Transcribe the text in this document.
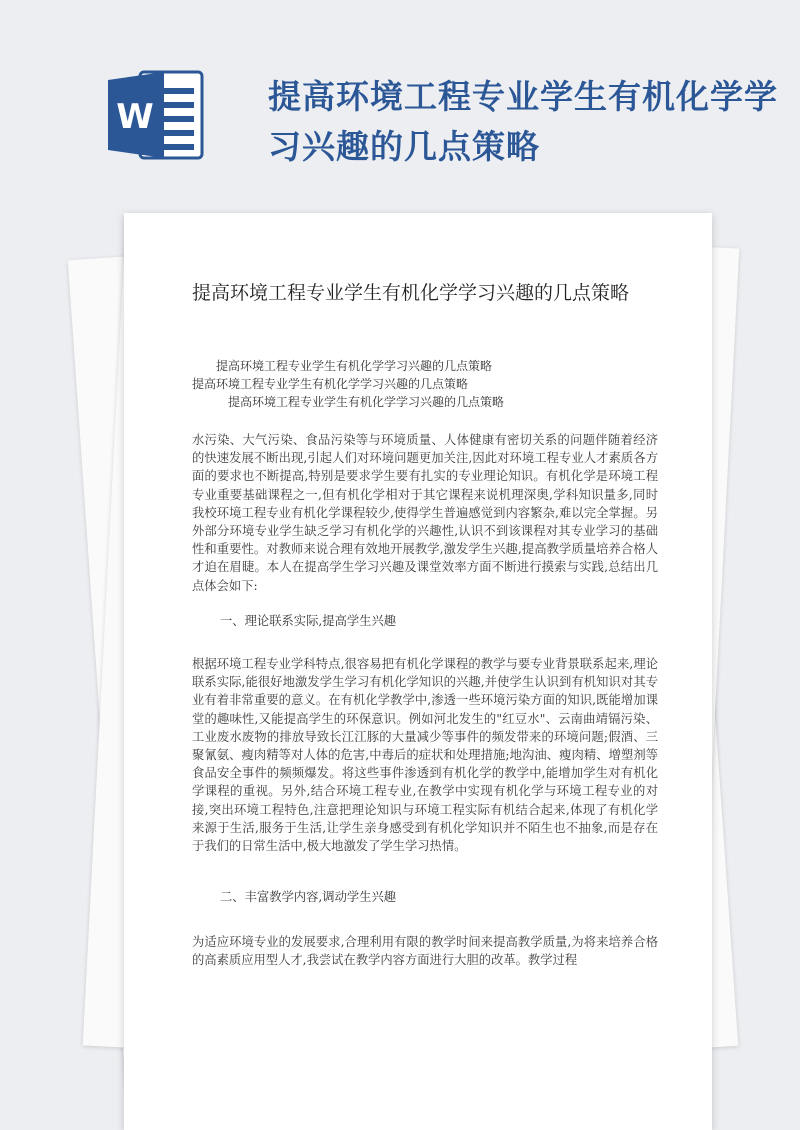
W
提高环境工程专业学生有机化学学习兴趣的几点策略
提高环境工程专业学生有机化学学习兴趣的几点策略
提高环境工程专业学生有机化学学习兴趣的几点策略
提高环境工程专业学生有机化学学习兴趣的几点策略
提高环境工程专业学生有机化学学习兴趣的几点策略
水污染、大气污染、食品污染等与环境质量、人体健康有密切关系的问题伴随着经济的快速发展不断出现,引起人们对环境问题更加关注,因此对环境工程专业人才素质各方面的要求也不断提高,特别是要求学生要有扎实的专业理论知识。有机化学是环境工程专业重要基础课程之一,但有机化学相对于其它课程来说机理深奥,学科知识量多,同时我校环境工程专业有机化学课程较少,使得学生普遍感觉到内容繁杂,难以完全掌握。另外部分环境专业学生缺乏学习有机化学的兴趣性,认识不到该课程对其专业学习的基础性和重要性。对教师来说合理有效地开展教学,激发学生兴趣,提高教学质量培养合格人才迫在眉睫。本人在提高学生学习兴趣及课堂效率方面不断进行摸索与实践,总结出几点体会如下:
一、理论联系实际,提高学生兴趣
根据环境工程专业学科特点,很容易把有机化学课程的教学与要专业背景联系起来,理论联系实际,能很好地激发学生学习有机化学知识的兴趣,并使学生认识到有机知识对其专业有着非常重要的意义。在有机化学教学中,渗透一些环境污染方面的知识,既能增加课堂的趣味性,又能提高学生的环保意识。例如河北发生的"红豆水"、云南曲靖镉污染、工业废水废物的排放导致长江江豚的大量减少等事件的频发带来的环境问题;假酒、三聚氰氨、瘦肉精等对人体的危害,中毒后的症状和处理措施;地沟油、瘦肉精、增塑剂等食品安全事件的频频爆发。将这些事件渗透到有机化学的教学中,能增加学生对有机化学课程的重视。另外,结合环境工程专业,在教学中实现有机化学与环境工程专业的对接,突出环境工程特色,注意把理论知识与环境工程实际有机结合起来,体现了有机化学来源于生活,服务于生活,让学生亲身感受到有机化学知识并不陌生也不抽象,而是存在于我们的日常生活中,极大地激发了学生学习热情。
二、丰富教学内容,调动学生兴趣
为适应环境专业的发展要求,合理利用有限的教学时间来提高教学质量,为将来培养合格的高素质应用型人才,我尝试在教学内容方面进行大胆的改革。教学过程
